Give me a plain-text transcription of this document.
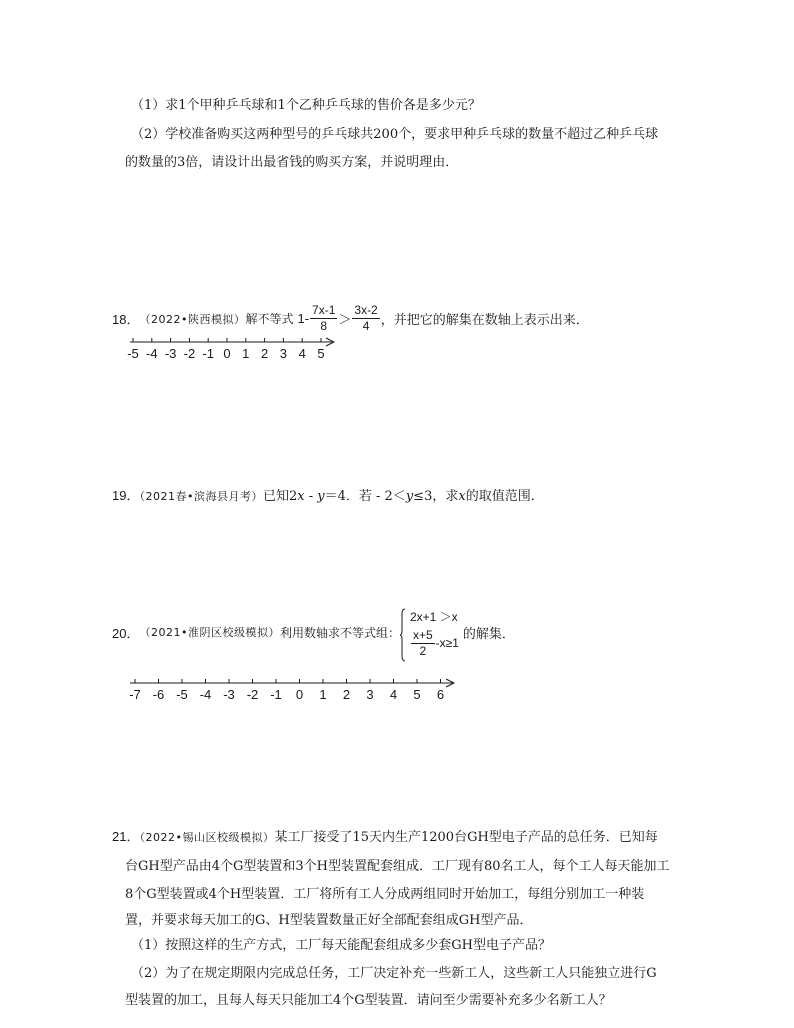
（1）求1个甲种乒乓球和1个乙种乒乓球的售价各是多少元？
（2）学校准备购买这两种型号的乒乓球共200个，要求甲种乒乓球的数量不超过乙种乒乓球
的数量的3倍，请设计出最省钱的购买方案，并说明理由．
18． （2022•陕西模拟） 解不等式 $1- \frac{7x-1}{8} > \frac{3x-2}{4}$ ，并把它的解集在数轴上表示出来．
-5 -4 -3 -2 -1 0 1 2 3 4 5
19．（2021春•滨海县月考）已知2x - y＝4．若 - 2＜y≤3，求x的取值范围．
20． （2021•淮阴区校级模拟） 利用数轴求不等式组：
2x+1 ＞x
$\frac{x+5}{2} -x\ge 1$
的解集．
-7 -6 -5 -4 -3 -2 -1 0 1 2 3 4 5 6
21．（2022•锡山区校级模拟）某工厂接受了15天内生产1200台GH型电子产品的总任务．已知每
台GH型产品由4个G型装置和3个H型装置配套组成．工厂现有80名工人，每个工人每天能加工
8个G型装置或4个H型装置．工厂将所有工人分成两组同时开始加工，每组分别加工一种装
置，并要求每天加工的G、H型装置数量正好全部配套组成GH型产品．
（1）按照这样的生产方式，工厂每天能配套组成多少套GH型电子产品？
（2）为了在规定期限内完成总任务，工厂决定补充一些新工人，这些新工人只能独立进行G
型装置的加工，且每人每天只能加工4个G型装置．请问至少需要补充多少名新工人？
